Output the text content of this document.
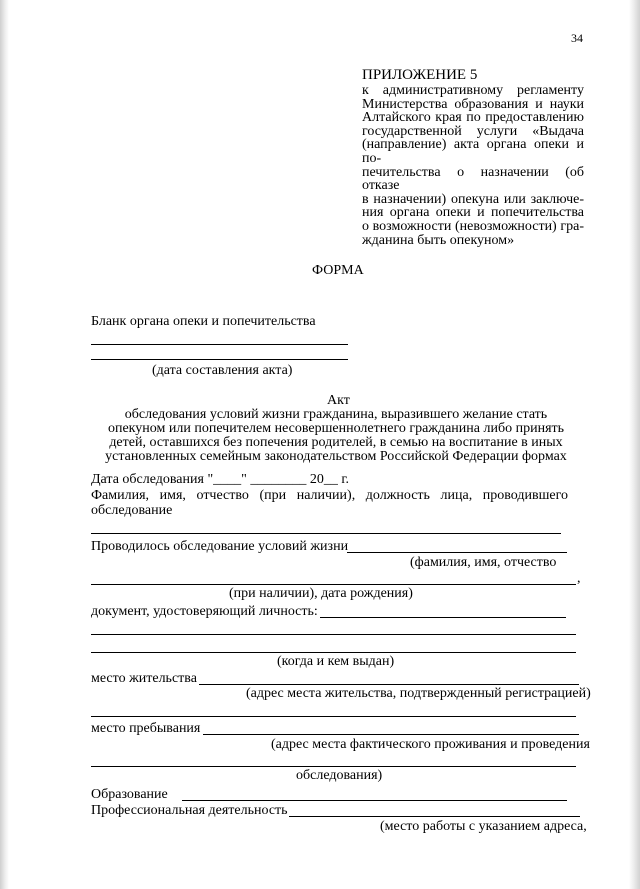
34
ПРИЛОЖЕНИЕ 5
к административному регламенту
Министерства образования и науки
Алтайского края по предоставлению
государственной услуги «Выдача
(направление) акта органа опеки и по-
печительства о назначении (об отказе
в назначении) опекуна или заключе-
ния органа опеки и попечительства
о возможности (невозможности) гра-
жданина быть опекуном»
ФОРМА
Бланк органа опеки и попечительства
(дата составления акта)
Акт
обследования условий жизни гражданина, выразившего желание стать
опекуном или попечителем несовершеннолетнего гражданина либо принять
детей, оставшихся без попечения родителей, в семью на воспитание в иных
установленных семейным законодательством Российской Федерации формах
Дата обследования "____" ________ 20__ г.
Фамилия, имя, отчество (при наличии), должность лица, проводившего
обследование
Проводилось обследование условий жизни
(фамилия, имя, отчество
,
(при наличии), дата рождения)
документ, удостоверяющий личность:
(когда и кем выдан)
место жительства
(адрес места жительства, подтвержденный регистрацией)
место пребывания
(адрес места фактического проживания и проведения
обследования)
Образование
Профессиональная деятельность
(место работы с указанием адреса,
